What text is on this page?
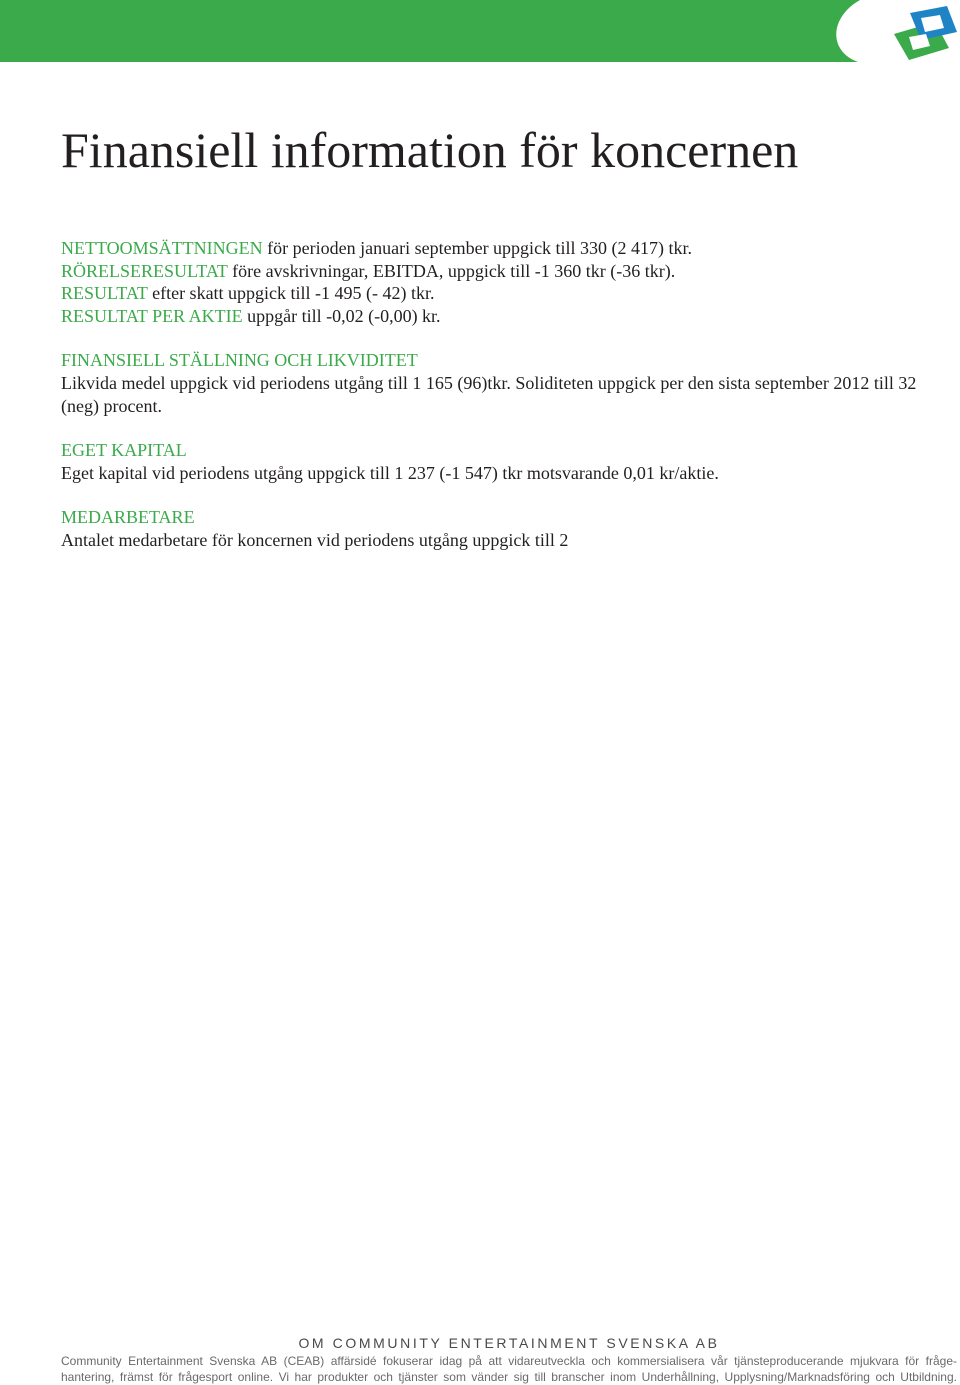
Finansiell information för koncernen

NETTOOMSÄTTNINGEN för perioden januari september uppgick till 330 (2 417) tkr.

RÖRELSERESULTAT före avskrivningar, EBITDA, uppgick till -1 360 tkr (-36 tkr).

RESULTAT efter skatt uppgick till -1 495 (- 42) tkr.

RESULTAT PER AKTIE uppgår till -0,02 (-0,00) kr.

FINANSIELL STÄLLNING OCH LIKVIDITET

Likvida medel uppgick vid periodens utgång till 1 165 (96)tkr. Soliditeten uppgick per den sista september 2012 till 32

(neg) procent.

EGET KAPITAL

Eget kapital vid periodens utgång uppgick till 1 237 (-1 547) tkr motsvarande 0,01 kr/aktie.

MEDARBETARE

Antalet medarbetare för koncernen vid periodens utgång uppgick till 2

OM COMMUNITY ENTERTAINMENT SVENSKA AB

Community Entertainment Svenska AB (CEAB) affärsidé fokuserar idag på att vidareutveckla och kommersialisera vår tjänsteproducerande mjukvara för fråge-

hantering, främst för frågesport online. Vi har produkter och tjänster som vänder sig till branscher inom Underhållning, Upplysning/Marknadsföring och Utbildning.
